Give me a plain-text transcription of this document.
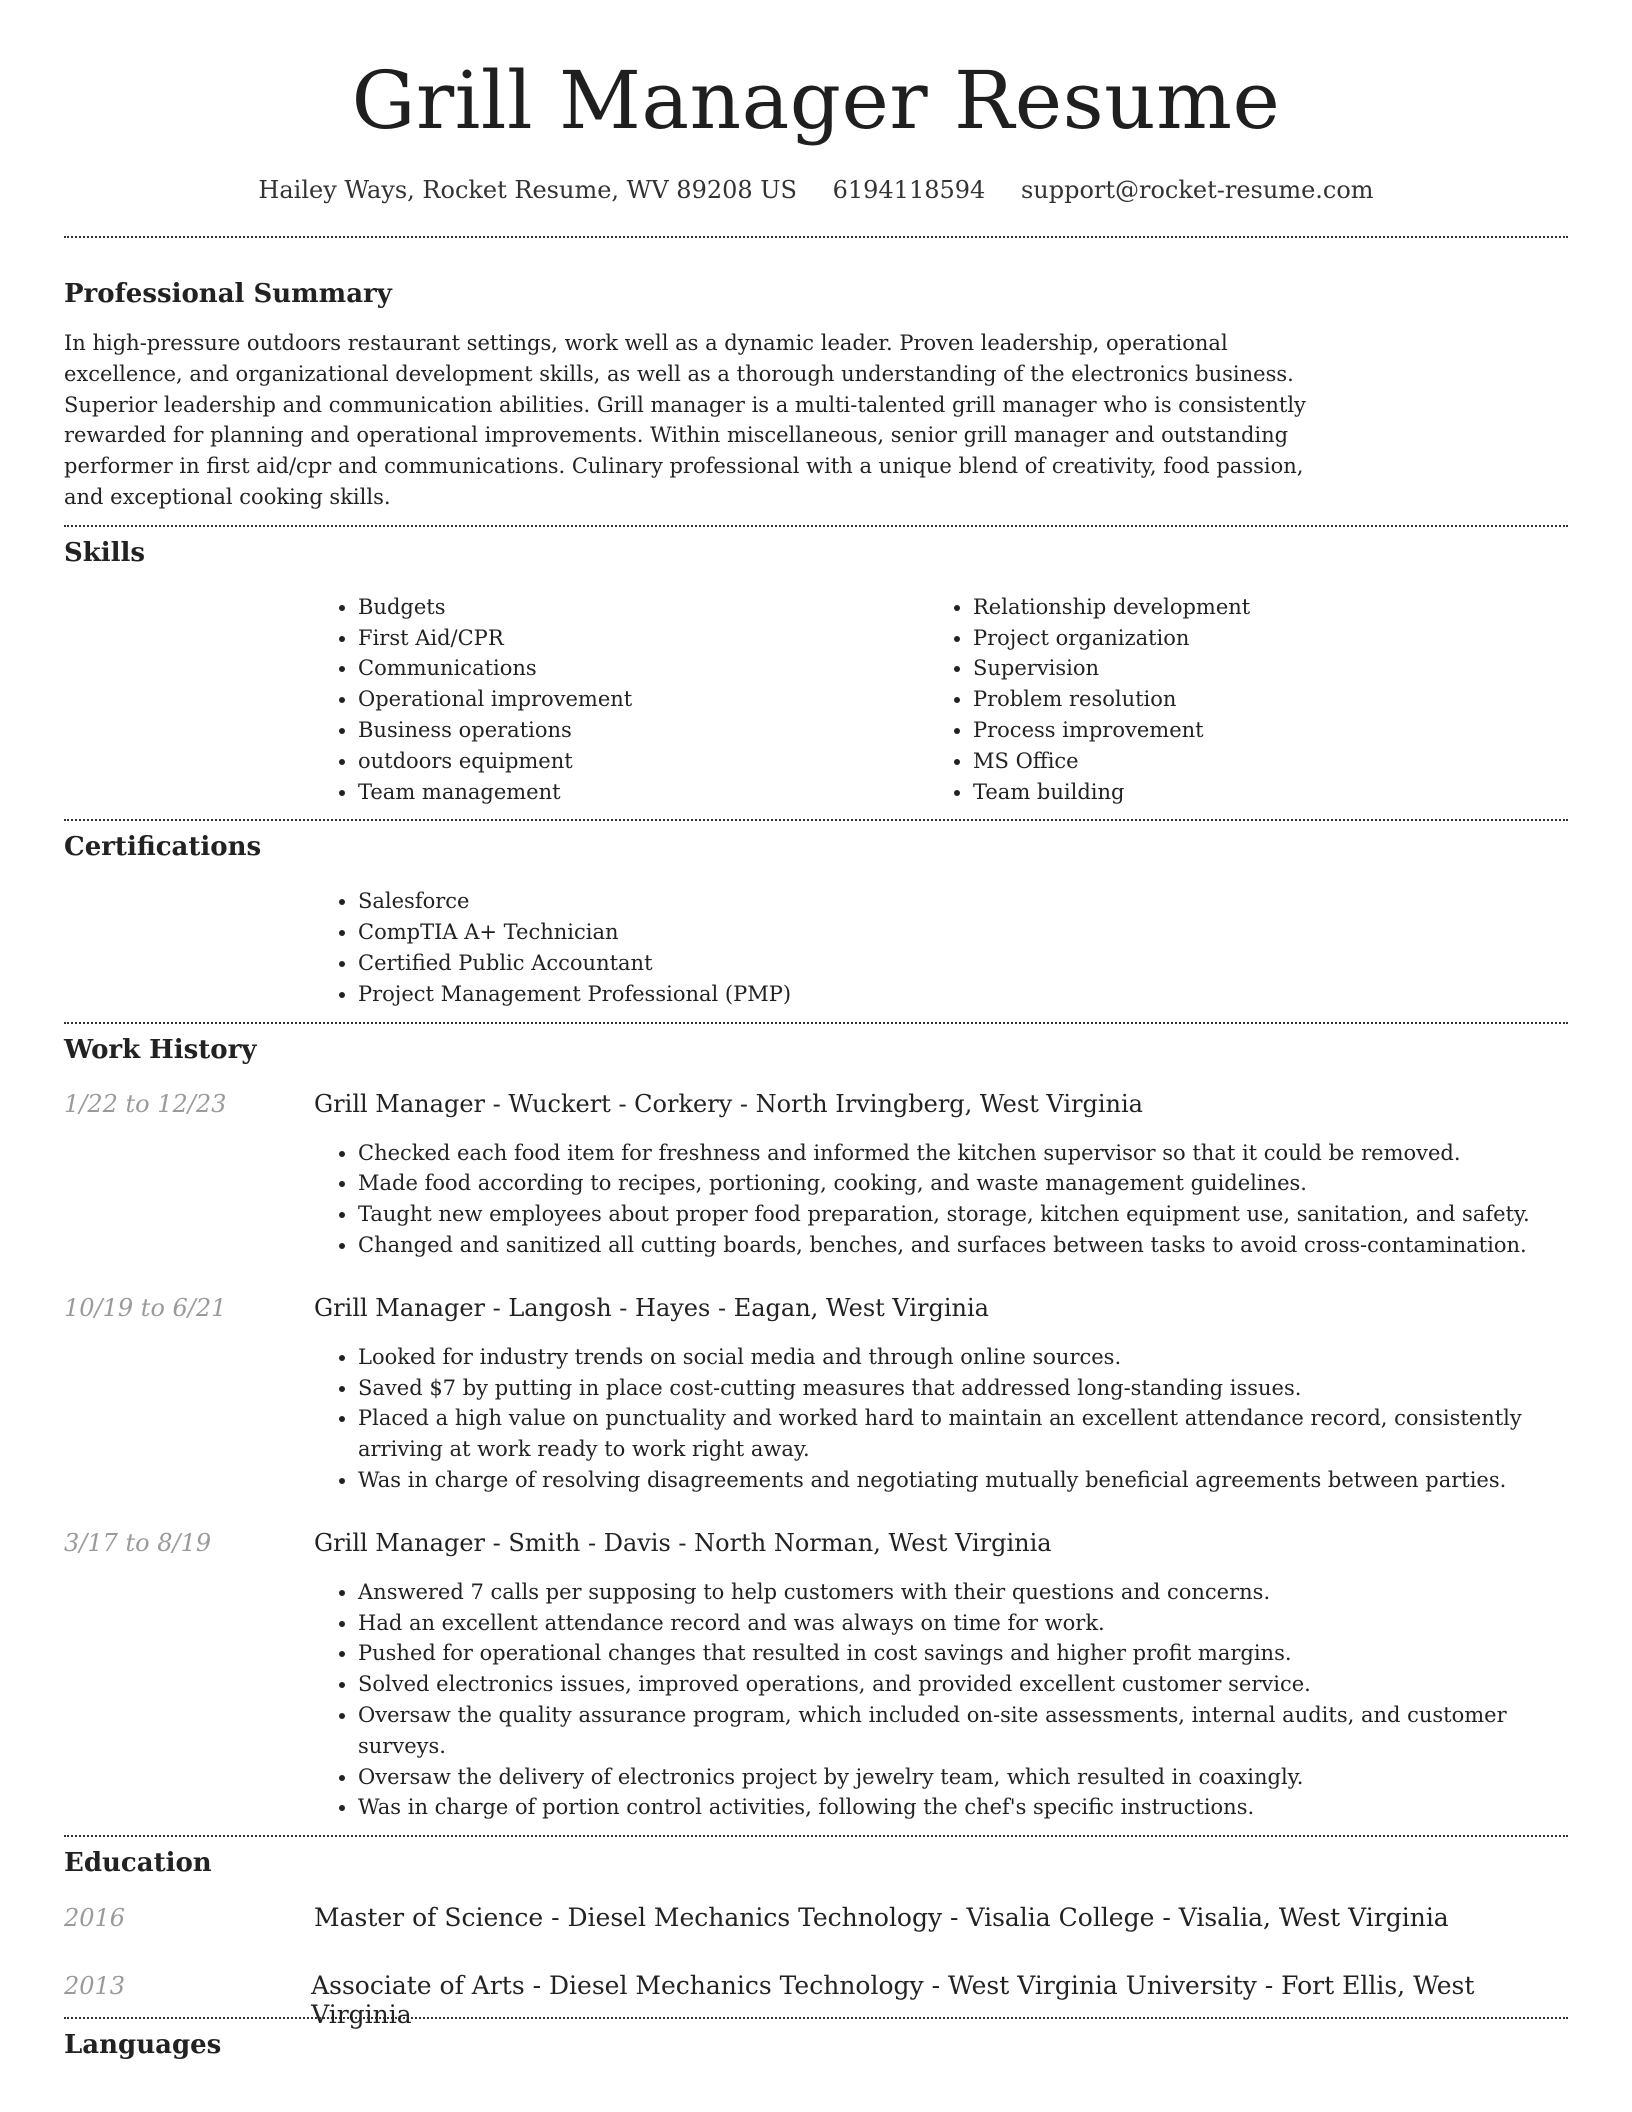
Grill Manager Resume
Hailey Ways, Rocket Resume, WV 89208 US 6194118594 support@rocket-resume.com
Professional Summary

In high-pressure outdoors restaurant settings, work well as a dynamic leader. Proven leadership, operational excellence, and organizational development skills, as well as a thorough understanding of the electronics business. Superior leadership and communication abilities. Grill manager is a multi-talented grill manager who is consistently rewarded for planning and operational improvements. Within miscellaneous, senior grill manager and outstanding performer in first aid/cpr and communications. Culinary professional with a unique blend of creativity, food passion, and exceptional cooking skills.

Skills
• Budgets
• First Aid/CPR
• Communications
• Operational improvement
• Business operations
• outdoors equipment
• Team management
• Relationship development
• Project organization
• Supervision
• Problem resolution
• Process improvement
• MS Office
• Team building
Certifications
• Salesforce
• CompTIA A+ Technician
• Certified Public Accountant
• Project Management Professional (PMP)
Work History
1/22 to 12/23	Grill Manager - Wuckert - Corkery - North Irvingberg, West Virginia
• Checked each food item for freshness and informed the kitchen supervisor so that it could be removed.
• Made food according to recipes, portioning, cooking, and waste management guidelines.
• Taught new employees about proper food preparation, storage, kitchen equipment use, sanitation, and safety.
• Changed and sanitized all cutting boards, benches, and surfaces between tasks to avoid cross-contamination.
10/19 to 6/21	Grill Manager - Langosh - Hayes - Eagan, West Virginia
• Looked for industry trends on social media and through online sources.
• Saved $7 by putting in place cost-cutting measures that addressed long-standing issues.
• Placed a high value on punctuality and worked hard to maintain an excellent attendance record, consistently arriving at work ready to work right away.
• Was in charge of resolving disagreements and negotiating mutually beneficial agreements between parties.
3/17 to 8/19	Grill Manager - Smith - Davis - North Norman, West Virginia
• Answered 7 calls per supposing to help customers with their questions and concerns.
• Had an excellent attendance record and was always on time for work.
• Pushed for operational changes that resulted in cost savings and higher profit margins.
• Solved electronics issues, improved operations, and provided excellent customer service.
• Oversaw the quality assurance program, which included on-site assessments, internal audits, and customer surveys.
• Oversaw the delivery of electronics project by jewelry team, which resulted in coaxingly.
• Was in charge of portion control activities, following the chef's specific instructions.
Education
2016	Master of Science - Diesel Mechanics Technology - Visalia College - Visalia, West Virginia
2013	Associate of Arts - Diesel Mechanics Technology - West Virginia University - Fort Ellis, West Virginia
Languages
